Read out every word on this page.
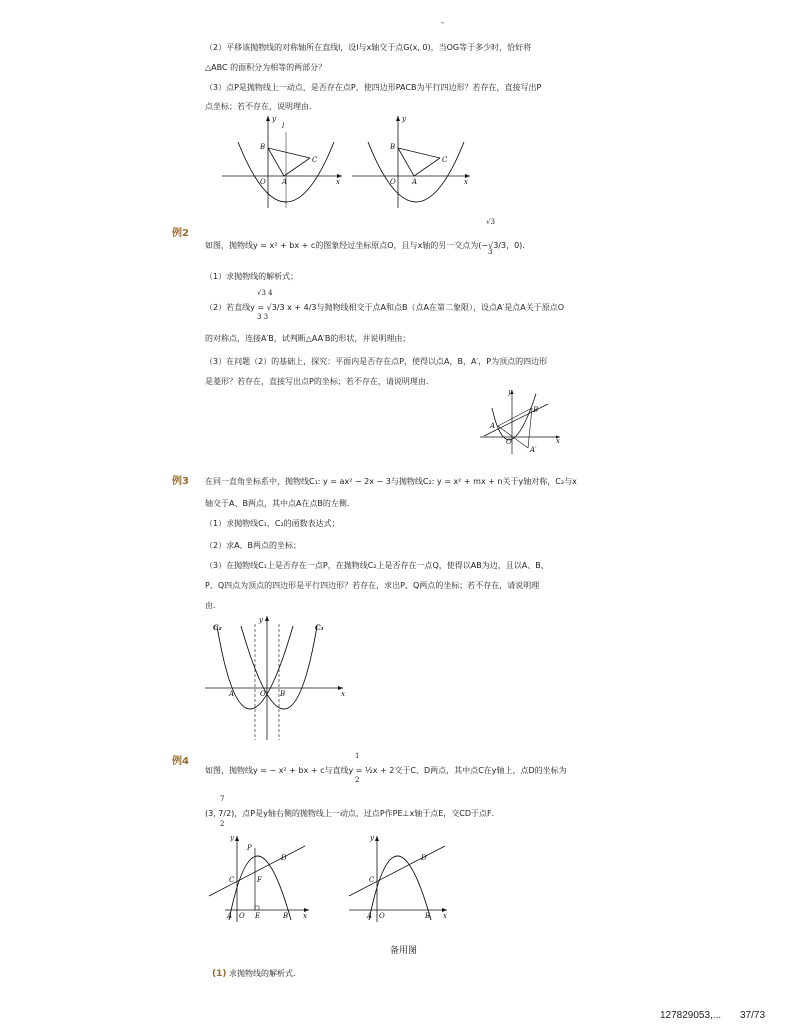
-
（2）平移该抛物线的对称轴所在直线l，设l与x轴交于点G(x, 0)，当OG等于多少时，恰好将
△ABC 的面积分为相等的两部分？
（3）点P是抛物线上一动点，是否存在点P，使四边形PACB为平行四边形？若存在，直接写出P
点坐标；若不存在，说明理由．
y
l
B
C
O A	x
y
B
C
O A	x
例2
√3
如图，抛物线y = x² + bx + c的图象经过坐标原点O，且与x轴的另一交点为(−√3/3，0)．
3
（1）求抛物线的解析式；
√3 4
（2）若直线y = √3/3 x + 4/3与抛物线相交于点A和点B（点A在第二象限），设点A′是点A关于原点O
3 3
的对称点，连接A′B，试判断△AA′B的形状，并说明理由；
（3）在问题（2）的基础上，探究：平面内是否存在点P，使得以点A，B，A′，P为顶点的四边形
是菱形？若存在，直接写出点P的坐标；若不存在，请说明理由．
y
B
A
O	x
A′
例3 在同一直角坐标系中，抛物线C₁: y = ax² − 2x − 3与抛物线C₂: y = x² + mx + n关于y轴对称，C₂与x
轴交于A、B两点，其中点A在点B的左侧．
（1）求抛物线C₁，C₂的函数表达式；
（2）求A、B两点的坐标；
（3）在抛物线C₁上是否存在一点P，在抛物线C₂上是否存在一点Q，使得以AB为边，且以A、B、
P、Q四点为顶点的四边形是平行四边形？若存在，求出P、Q两点的坐标；若不存在，请说明理
由．
C₂
y
C₁
A	O B	x
例4	1
如图，抛物线y = − x² + bx + c与直线y = ½x + 2交于C、D两点，其中点C在y轴上，点D的坐标为
2
7
(3, 7/2)，点P是y轴右侧的抛物线上一动点，过点P作PE⊥x轴于点E，交CD于点F．
2
y
P
D
C	F
A O E	B x
y
D
C
A O	B x
备用图
(1) 求抛物线的解析式.
127829053,... 37/73
